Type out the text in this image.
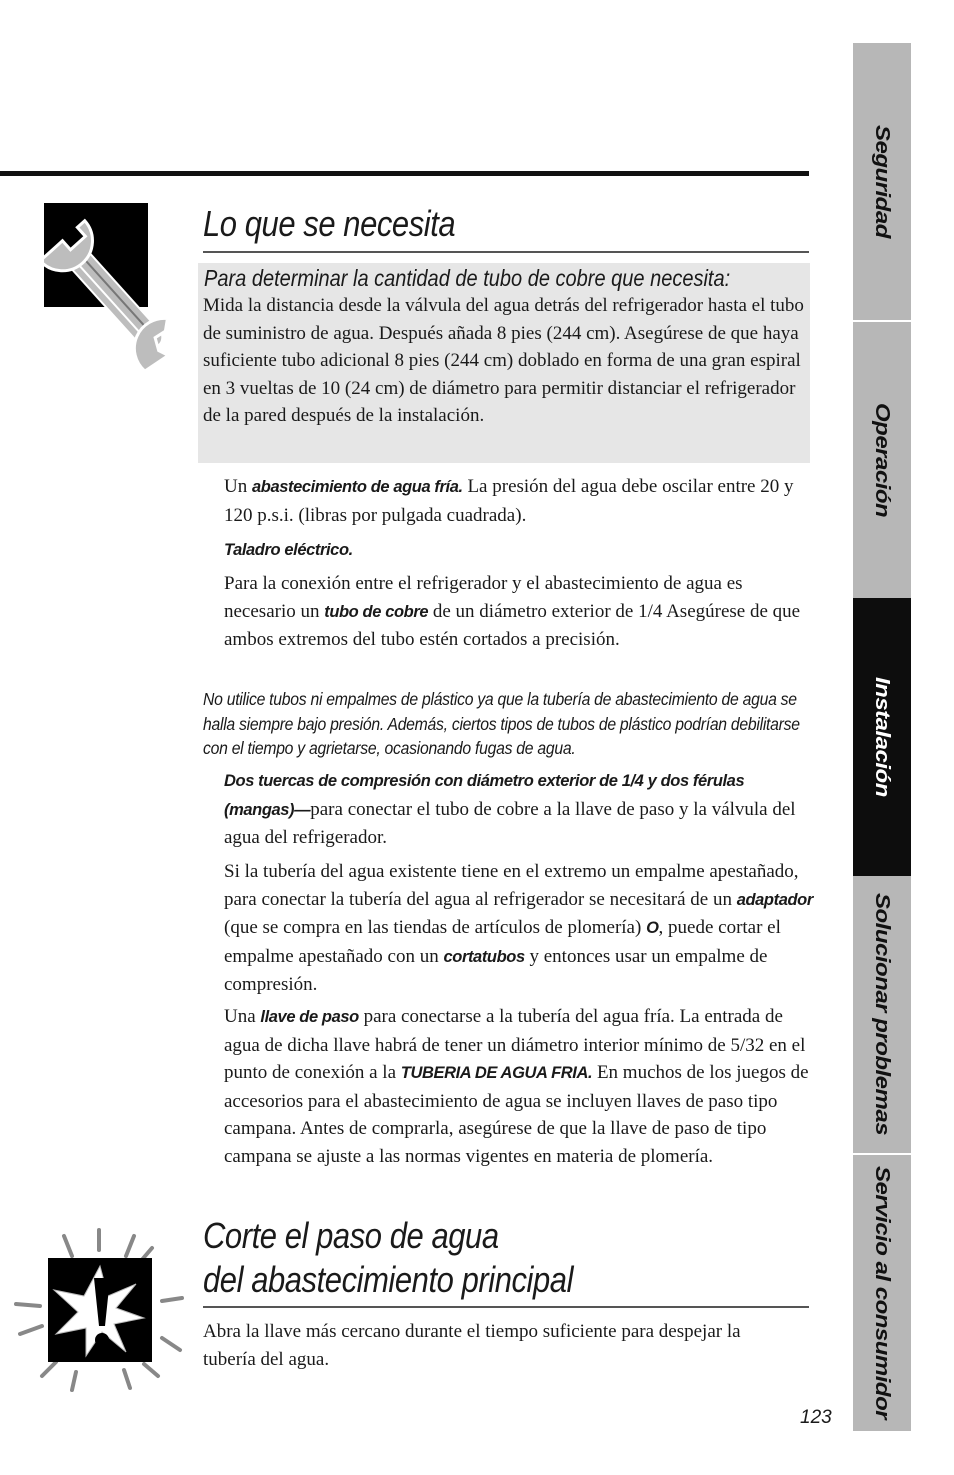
Seguridad
Operación
Instalación
Solucionar problemas
Servicio al consumidor
Lo que se necesita

Para determinar la cantidad de tubo de cobre que necesita:

Mida la distancia desde la válvula del agua detrás del refrigerador hasta el tubo de suministro de agua. Después añada 8 pies (244 cm). Asegúrese de que haya suficiente tubo adicional 8 pies (244 cm) doblado en forma de una gran espiral en 3 vueltas de 10 (24 cm) de diámetro para permitir distanciar el refrigerador de la pared después de la instalación.

Un abastecimiento de agua fría. La presión del agua debe oscilar entre 20 y 120 p.s.i. (libras por pulgada cuadrada).

Taladro eléctrico.

Para la conexión entre el refrigerador y el abastecimiento de agua es necesario un tubo de cobre de un diámetro exterior de 1/4 Asegúrese de que ambos extremos del tubo estén cortados a precisión.

No utilice tubos ni empalmes de plástico ya que la tubería de abastecimiento de agua se halla siempre bajo presión. Además, ciertos tipos de tubos de plástico podrían debilitarse con el tiempo y agrietarse, ocasionando fugas de agua.

Dos tuercas de compresión con diámetro exterior de 1/4 y dos férulas (mangas)—para conectar el tubo de cobre a la llave de paso y la válvula del agua del refrigerador.

Si la tubería del agua existente tiene en el extremo un empalme apestañado, para conectar la tubería del agua al refrigerador se necesitará de un adaptador (que se compra en las tiendas de artículos de plomería) O, puede cortar el empalme apestañado con un cortatubos y entonces usar un empalme de compresión.

Una llave de paso para conectarse a la tubería del agua fría. La entrada de agua de dicha llave habrá de tener un diámetro interior mínimo de 5/32 en el punto de conexión a la TUBERIA DE AGUA FRIA. En muchos de los juegos de accesorios para el abastecimiento de agua se incluyen llaves de paso tipo campana. Antes de comprarla, asegúrese de que la llave de paso de tipo campana se ajuste a las normas vigentes en materia de plomería.

Corte el paso de agua
del abastecimiento principal

Abra la llave más cercano durante el tiempo suficiente para despejar la tubería del agua.

123
